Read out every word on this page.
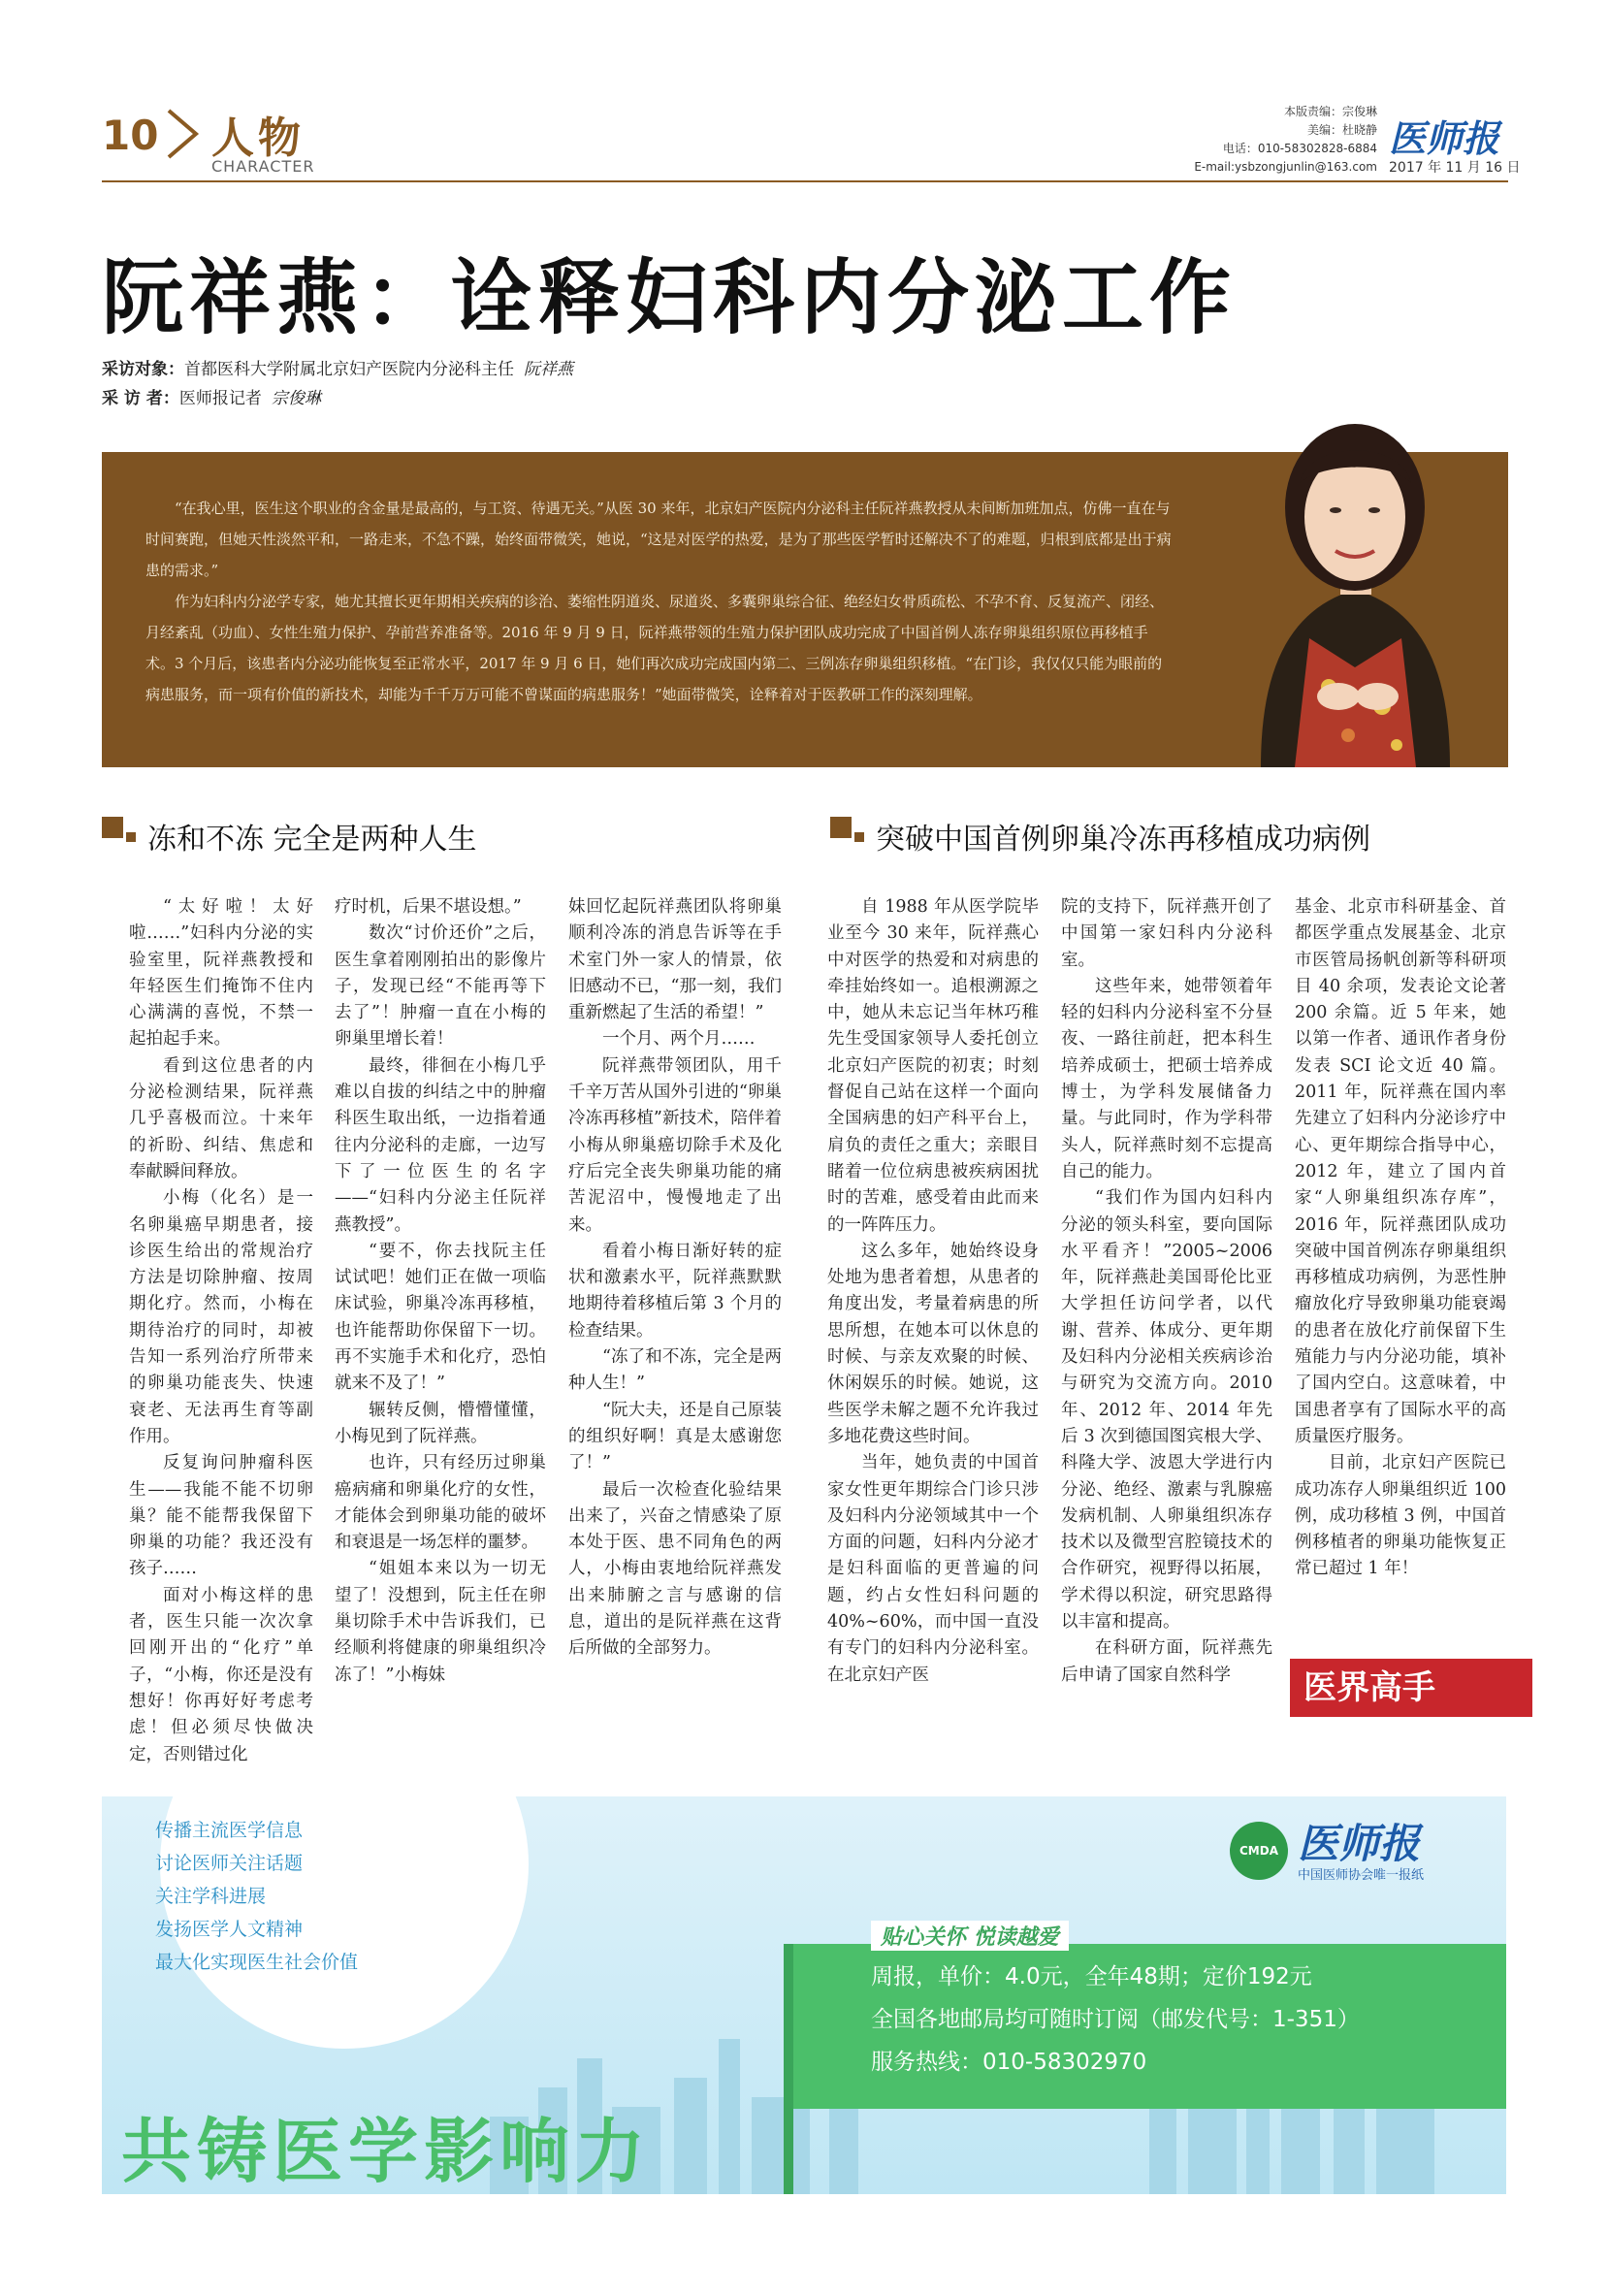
10 人物
CHARACTER
本版责编：宗俊琳
美编：杜晓静
电话：010-58302828-6884
E-mail:ysbzongjunlin@163.com
医师报
2017 年 11 月 16 日
阮祥燕：诠释妇科内分泌工作
采访对象：首都医科大学附属北京妇产医院内分泌科主任 阮祥燕
采 访 者：医师报记者 宗俊琳

“在我心里，医生这个职业的含金量是最高的，与工资、待遇无关。”从医 30 来年，北京妇产医院内分泌科主任阮祥燕教授从未间断加班加点，仿佛一直在与时间赛跑，但她天性淡然平和，一路走来，不急不躁，始终面带微笑，她说，“这是对医学的热爱，是为了那些医学暂时还解决不了的难题，归根到底都是出于病患的需求。”

作为妇科内分泌学专家，她尤其擅长更年期相关疾病的诊治、萎缩性阴道炎、尿道炎、多囊卵巢综合征、绝经妇女骨质疏松、不孕不育、反复流产、闭经、月经紊乱（功血）、女性生殖力保护、孕前营养准备等。2016 年 9 月 9 日，阮祥燕带领的生殖力保护团队成功完成了中国首例人冻存卵巢组织原位再移植手术。3 个月后，该患者内分泌功能恢复至正常水平，2017 年 9 月 6 日，她们再次成功完成国内第二、三例冻存卵巢组织移植。“在门诊，我仅仅只能为眼前的病患服务，而一项有价值的新技术，却能为千千万万可能不曾谋面的病患服务！”她面带微笑，诠释着对于医教研工作的深刻理解。

冻和不冻 完全是两种人生	突破中国首例卵巢冷冻再移植成功病例

“太好啦！太好啦……”妇科内分泌的实验室里，阮祥燕教授和年轻医生们掩饰不住内心满满的喜悦，不禁一起拍起手来。

看到这位患者的内分泌检测结果，阮祥燕几乎喜极而泣。十来年的祈盼、纠结、焦虑和奉献瞬间释放。

小梅（化名）是一名卵巢癌早期患者，接诊医生给出的常规治疗方法是切除肿瘤、按周期化疗。然而，小梅在期待治疗的同时，却被告知一系列治疗所带来的卵巢功能丧失、快速衰老、无法再生育等副作用。

反复询问肿瘤科医生——我能不能不切卵巢？能不能帮我保留下卵巢的功能？我还没有孩子……

面对小梅这样的患者，医生只能一次次拿回刚开出的“化疗”单子，“小梅，你还是没有想好！你再好好考虑考虑！但必须尽快做决定，否则错过化

疗时机，后果不堪设想。”

数次“讨价还价”之后，医生拿着刚刚拍出的影像片子，发现已经“不能再等下去了”！肿瘤一直在小梅的卵巢里增长着！

最终，徘徊在小梅几乎难以自拔的纠结之中的肿瘤科医生取出纸，一边指着通往内分泌科的走廊，一边写下了一位医生的名字——“妇科内分泌主任阮祥燕教授”。

“要不，你去找阮主任试试吧！她们正在做一项临床试验，卵巢冷冻再移植，也许能帮助你保留下一切。再不实施手术和化疗，恐怕就来不及了！”

辗转反侧，懵懵懂懂，小梅见到了阮祥燕。

也许，只有经历过卵巢癌病痛和卵巢化疗的女性，才能体会到卵巢功能的破坏和衰退是一场怎样的噩梦。

“姐姐本来以为一切无望了！没想到，阮主任在卵巢切除手术中告诉我们，已经顺利将健康的卵巢组织冷冻了！”小梅妹

妹回忆起阮祥燕团队将卵巢顺利冷冻的消息告诉等在手术室门外一家人的情景，依旧感动不已，“那一刻，我们重新燃起了生活的希望！”

一个月、两个月……

阮祥燕带领团队，用千千辛万苦从国外引进的“卵巢冷冻再移植”新技术，陪伴着小梅从卵巢癌切除手术及化疗后完全丧失卵巢功能的痛苦泥沼中，慢慢地走了出来。

看着小梅日渐好转的症状和激素水平，阮祥燕默默地期待着移植后第 3 个月的检查结果。

“冻了和不冻，完全是两种人生！”

“阮大夫，还是自己原装的组织好啊！真是太感谢您了！”

最后一次检查化验结果出来了，兴奋之情感染了原本处于医、患不同角色的两人，小梅由衷地给阮祥燕发出来肺腑之言与感谢的信息，道出的是阮祥燕在这背后所做的全部努力。

自 1988 年从医学院毕业至今 30 来年，阮祥燕心中对医学的热爱和对病患的牵挂始终如一。追根溯源之中，她从未忘记当年林巧稚先生受国家领导人委托创立北京妇产医院的初衷；时刻督促自己站在这样一个面向全国病患的妇产科平台上，肩负的责任之重大；亲眼目睹着一位位病患被疾病困扰时的苦难，感受着由此而来的一阵阵压力。

这么多年，她始终设身处地为患者着想，从患者的角度出发，考量着病患的所思所想，在她本可以休息的时候、与亲友欢聚的时候、休闲娱乐的时候。她说，这些医学未解之题不允许我过多地花费这些时间。

当年，她负责的中国首家女性更年期综合门诊只涉及妇科内分泌领域其中一个方面的问题，妇科内分泌才是妇科面临的更普遍的问题，约占女性妇科问题的 40%~60%，而中国一直没有专门的妇科内分泌科室。在北京妇产医

院的支持下，阮祥燕开创了中国第一家妇科内分泌科室。

这些年来，她带领着年轻的妇科内分泌科室不分昼夜、一路往前赶，把本科生培养成硕士，把硕士培养成博士，为学科发展储备力量。与此同时，作为学科带头人，阮祥燕时刻不忘提高自己的能力。

“我们作为国内妇科内分泌的领头科室，要向国际水平看齐！”2005~2006 年，阮祥燕赴美国哥伦比亚大学担任访问学者，以代谢、营养、体成分、更年期及妇科内分泌相关疾病诊治与研究为交流方向。2010 年、2012 年、2014 年先后 3 次到德国图宾根大学、科隆大学、波恩大学进行内分泌、绝经、激素与乳腺癌发病机制、人卵巢组织冻存技术以及微型宫腔镜技术的合作研究，视野得以拓展，学术得以积淀，研究思路得以丰富和提高。

在科研方面，阮祥燕先后申请了国家自然科学

基金、北京市科研基金、首都医学重点发展基金、北京市医管局扬帆创新等科研项目 40 余项，发表论文论著 200 余篇。近 5 年来，她以第一作者、通讯作者身份发表 SCI 论文近 40 篇。2011 年，阮祥燕在国内率先建立了妇科内分泌诊疗中心、更年期综合指导中心，2012 年，建立了国内首家“人卵巢组织冻存库”，2016 年，阮祥燕团队成功突破中国首例冻存卵巢组织再移植成功病例，为恶性肿瘤放化疗导致卵巢功能衰竭的患者在放化疗前保留下生殖能力与内分泌功能，填补了国内空白。这意味着，中国患者享有了国际水平的高质量医疗服务。

目前，北京妇产医院已成功冻存人卵巢组织近 100 例，成功移植 3 例，中国首例移植者的卵巢功能恢复正常已超过 1 年！

医界高手
传播主流医学信息
讨论医师关注话题
关注学科进展
发扬医学人文精神
最大化实现医生社会价值
CMDA 医师报
中国医师协会唯一报纸
贴心关怀 悦读越爱
周报，单价：4.0元，全年48期；定价192元
全国各地邮局均可随时订阅（邮发代号：1-351）
服务热线：010-58302970
共铸医学影响力
